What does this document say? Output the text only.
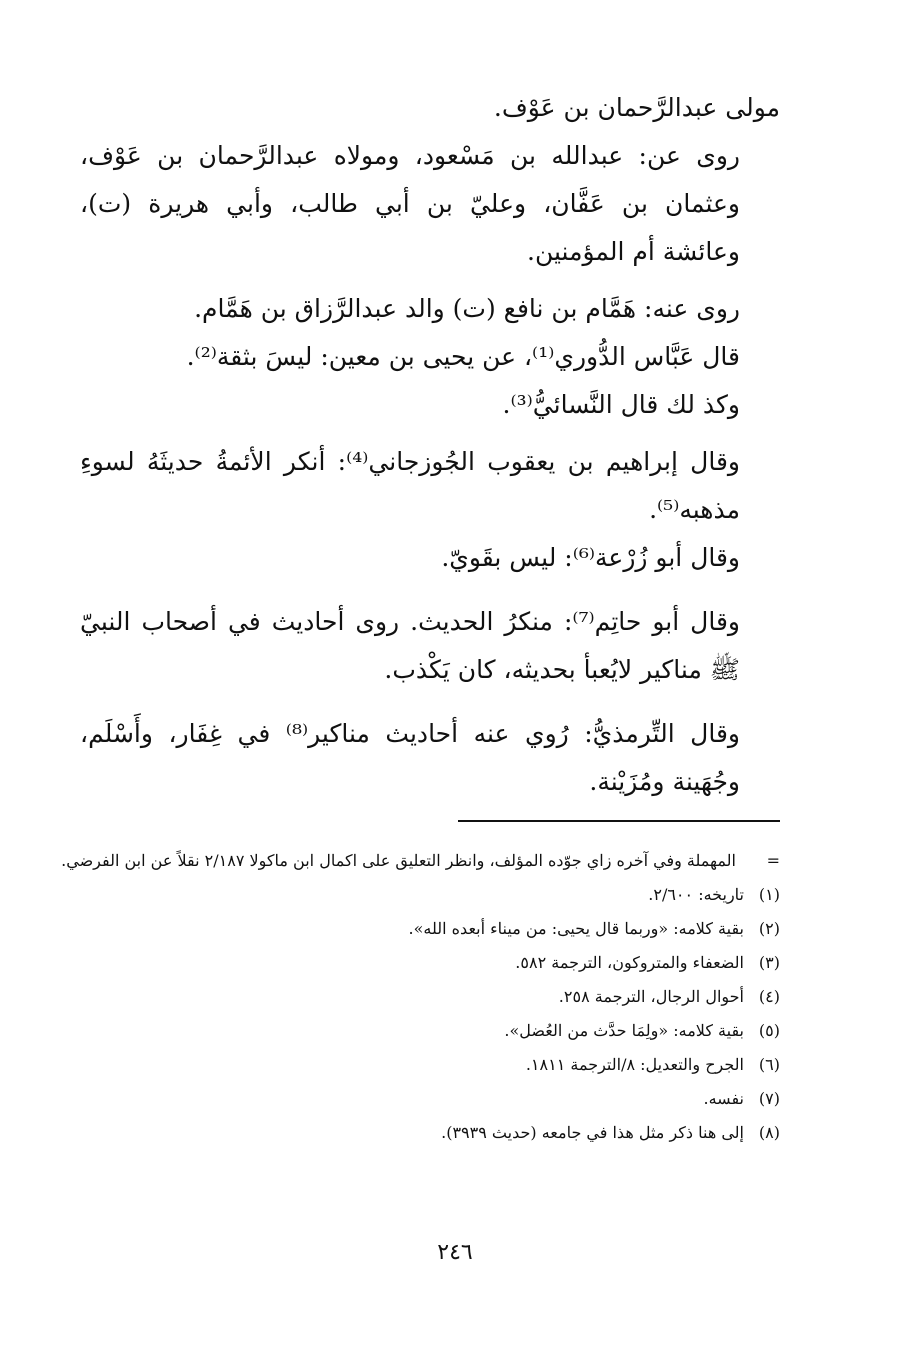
مولى عبدالرَّحمان بن عَوْف.

روى عن: عبدالله بن مَسْعود، ومولاه عبدالرَّحمان بن عَوْف، وعثمان بن عَفَّان، وعليّ بن أبي طالب، وأبي هريرة (ت)، وعائشة أم المؤمنين.

روى عنه: هَمَّام بن نافع (ت) والد عبدالرَّزاق بن هَمَّام.

قال عَبَّاس الدُّوري⁽¹⁾، عن يحيى بن معين: ليسَ بثقة⁽²⁾.

وكذ لك قال النَّسائيُّ⁽³⁾.

وقال إبراهيم بن يعقوب الجُوزجاني⁽⁴⁾: أنكر الأئمةُ حديثَهُ لسوءِ مذهبه⁽⁵⁾.

وقال أبو زُرْعة⁽⁶⁾: ليس بقَويّ.

وقال أبو حاتِم⁽⁷⁾: منكرُ الحديث. روى أحاديث في أصحاب النبيّ ﷺ مناكير لايُعبأ بحديثه، كان يَكْذب.

وقال التِّرمذيُّ: رُوي عنه أحاديث مناكير⁽⁸⁾ في غِفَار، وأَسْلَم، وجُهَينة ومُزَيْنة.

=
المهملة وفي آخره زاي جوّده المؤلف، وانظر التعليق على اكمال ابن ماكولا ٢/١٨٧ نقلاً عن ابن الفرضي.
(١)
تاريخه: ٢/٦٠٠.
(٢)
بقية كلامه: «وربما قال يحيى: من ميناء أبعده الله».
(٣)
الضعفاء والمتروكون، الترجمة ٥٨٢.
(٤)
أحوال الرجال، الترجمة ٢٥٨.
(٥)
بقية كلامه: «ولِمَا حدَّث من العُضل».
(٦)
الجرح والتعديل: ٨/الترجمة ١٨١١.
(٧)
نفسه.
(٨)
إلى هنا ذكر مثل هذا في جامعه (حديث ٣٩٣٩).
٢٤٦
